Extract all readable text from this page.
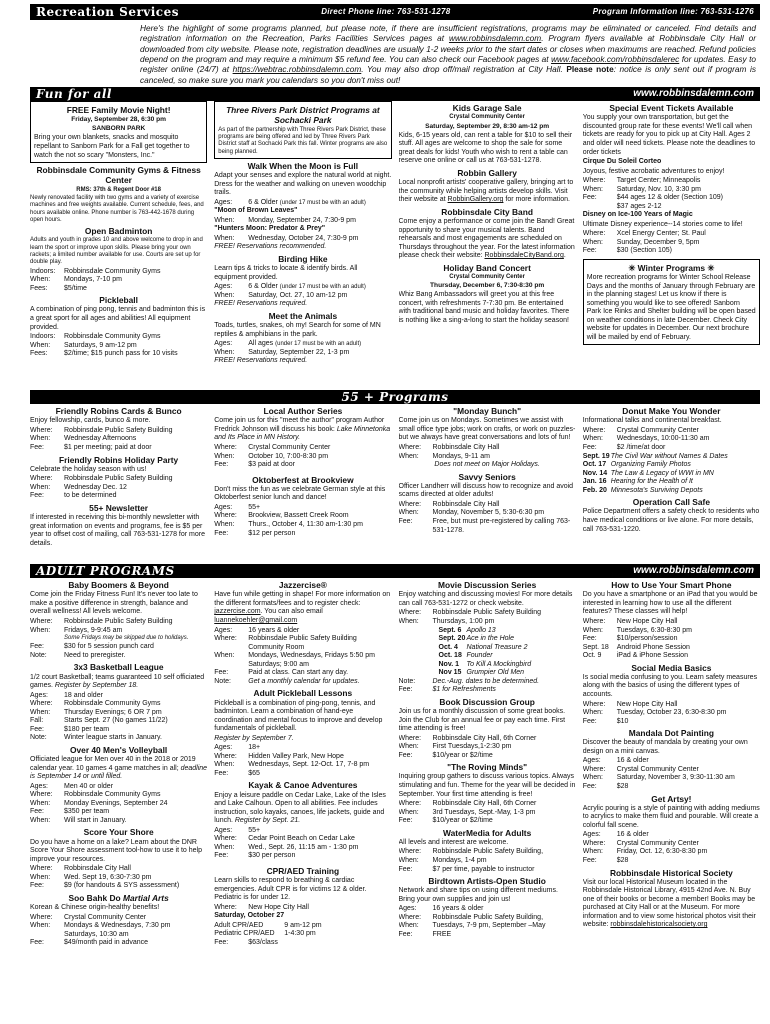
Recreation Services	Direct Phone line: 763-531-1278	Program Information line: 763-531-1276
Here's the highlight of some programs planned, but please note, if there are insufficient registrations, programs may be eliminated or canceled. Find details and registration information on the Recreation, Parks Facilities Services pages at www.robbinsdalemn.com. Program flyers available at Robbinsdale City Hall or downloaded from city website. Please note, registration deadlines are usually 1-2 weeks prior to the start dates or closes when maximums are reached. Refund policies depend on the program and may require a minimum $5 refund fee. You can also check our Facebook pages at www.facebook.com/robbinsdalerec for updates. Easy to register online (24/7) at https://webtrac.robbinsdalemn.com. You may also drop off/mail registration at City Hall. Please note: notice is only sent out if program is canceled, so make sure you mark you calendars so you don't miss out!
Fun for all	www.robbinsdalemn.com
FREE Family Movie Night!
Friday, September 28, 6:30 pm
SANBORN PARK

Bring your own blankets, snacks and mosquito repellant to Sanborn Park for a Fall get together to watch the not so scary "Monsters, Inc."

Robbinsdale Community Gyms & Fitness Center
RMS: 37th & Regent Door #18

Newly renovated facility with two gyms and a variety of exercise machines and free weights available. Current schedule, fees, and hours available online. Phone number is 763-442-1678 during open hours.

Open Badminton

Adults and youth in grades 10 and above welcome to drop in and learn the sport or improve upon skills. Please bring your own rackets; a limited number available for use. Courts are set up for double play.

Indoors:	Robbinsdale Community Gyms
When:	Mondays, 7-10 pm
Fees:	$5/time
Pickleball

A combination of ping pong, tennis and badminton this is a great sport for all ages and abilities! All equipment provided.

Indoors:	Robbinsdale Community Gyms
When:	Saturdays, 9 am-12 pm
Fees:	$2/time; $15 punch pass for 10 visits
Three Rivers Park District Programs at Sochacki Park

As part of the partnership with Three Rivers Park District, these programs are being offered and led by Three Rivers Park District staff at Sochacki Park this fall. Winter programs are also being planned.

Walk When the Moon is Full

Adapt your senses and explore the natural world at night. Dress for the weather and walking on uneven woodchip trails.

Ages:	6 & Older (under 17 must be with an adult)

"Moon of Brown Leaves"

When:	Monday, September 24, 7:30-9 pm

"Hunters Moon: Predator & Prey"

When:	Wednesday, October 24, 7:30-9 pm

FREE! Reservations recommended.

Birding Hike

Learn tips & tricks to locate & identify birds. All equipment provided.

Ages:	6 & Older (under 17 must be with an adult)
When:	Saturday, Oct. 27, 10 am-12 pm

FREE! Reservations required.

Meet the Animals

Toads, turtles, snakes, oh my! Search for some of MN reptiles & amphibians in the park.

Ages:	All ages (under 17 must be with an adult)
When:	Saturday, September 22, 1-3 pm

FREE! Reservations required.

Kids Garage Sale
Crystal Community Center
Saturday, September 29, 8:30 am-12 pm

Kids, 6-15 years old, can rent a table for $10 to sell their stuff. All ages are welcome to shop the sale for some great deals for kids! Youth who wish to rent a table can reserve one online or call us at 763-531-1278.

Robbin Gallery

Local nonprofit artists' cooperative gallery, bringing art to the community while helping artists develop skills. Visit their website at RobbinGallery.org for more information.

Robbinsdale City Band

Come enjoy a performance or come join the Band! Great opportunity to share your musical talents. Band rehearsals and most engagements are scheduled on Thursdays throughout the year. For the latest information please check their website: RobbinsdaleCityBand.org.

Holiday Band Concert
Crystal Community Center
Thursday, December 6, 7:30-8:30 pm

Whiz Bang Ambassadors will greet you at this free concert, with refreshments 7-7:30 pm. Be entertained with traditional band music and holiday favorites. There is nothing like a sing-a-long to start the holiday season!

Special Event Tickets Available

You supply your own transportation, but get the discounted group rate for these events! We'll call when tickets are ready for you to pick up at City Hall. Ages 2 and older will need tickets. Please note the deadlines to order tickets

Cirque Du Soleil Corteo

Joyous, festive acrobatic adventures to enjoy!

Where:	Target Center; Minneapolis
When:	Saturday, Nov. 10, 3:30 pm
Fee:	$44 ages 12 & older (Section 109)
$37 ages 2-12

Disney on Ice-100 Years of Magic

Ultimate Disney experience--14 stories come to life!

Where:	Xcel Energy Center; St. Paul
When:	Sunday, December 9, 5pm
Fee:	$30 (Section 105)
✳ Winter Programs ✳

More recreation programs for Winter School Release Days and the months of January through February are in the planning stages! Let us know if there is something you would like to see offered! Sanborn Park Ice Rinks and Shelter building will be open based on weather conditions in late December. Check City website for updates in December. Our next brochure will be mailed by end of February.

55 + Programs
Friendly Robins Cards & Bunco

Enjoy fellowship, cards, bunco & more.

Where:	Robbinsdale Public Safety Building
When:	Wednesday Afternoons
Fee:	$1 per meeting; paid at door
Friendly Robins Holiday Party

Celebrate the holiday season with us!

Where:	Robbinsdale Public Safety Building
When:	Wednesday Dec. 12
Fee:	to be determined
55+ Newsletter

If interested in receiving this bi-monthly newsletter with great information on events and programs, fee is $5 per year to offset cost of mailing, call 763-531-1278 for more details.

Local Author Series

Come join us for this "meet the author" program Author Fredrick Johnson will discuss his book: Lake Minnetonka and Its Place in MN History.

Where:	Crystal Community Center
When:	October 10, 7:00-8:30 pm
Fee:	$3 paid at door
Oktoberfest at Brookview

Don't miss the fun as we celebrate German style at this Oktoberfest senior lunch and dance!

Ages:	55+
Where:	Brookview, Bassett Creek Room
When:	Thurs., October 4, 11:30 am-1:30 pm
Fee:	$12 per person
"Monday Bunch"

Come join us on Mondays. Sometimes we assist with small office type jobs; work on crafts, or work on puzzles-but we always have great conversations and lots of fun!

Where:	Robbinsdale City Hall
When:	Mondays, 9-11 am

Does not meet on Major Holidays.

Savvy Seniors

Officer Landherr will discuss how to recognize and avoid scams directed at older adults!

Where:	Robbinsdale City Hall
When:	Monday, November 5, 5:30-6:30 pm
Fee:	Free, but must pre-registered by calling 763-531-1278.
Donut Make You Wonder

Informational talks and continental breakfast.

Where:	Crystal Community Center
When:	Wednesdays, 10:00-11:30 am
Fee:	$2 /time/at door
Sept. 19 The Civil War without Names & Dates
Oct. 17 Organizing Family Photos
Nov. 14 The Law & Legacy of WWI in MN
Jan. 16 Hearing for the Health of It
Feb. 20 Minnesota's Surviving Depots
Operation Call Safe

Police Department offers a safety check to residents who have medical conditions or live alone. For more details, call 763-531-1220.

ADULT PROGRAMS	www.robbinsdalemn.com
Baby Boomers & Beyond

Come join the Friday Fitness Fun! It's never too late to make a positive difference in strength, balance and overall wellness! All levels welcome.

Where:	Robbinsdale Public Safety Building
When:	Fridays, 9-9:45 am

Some Fridays may be skipped due to holidays.

Fee:	$30 for 5 session punch card
Note:	Need to preregister.
3x3 Basketball League

1/2 court Basketball; teams guaranteed 10 self officiated games. Register by September 18.

Ages:	18 and older
Where:	Robbinsdale Community Gyms
When:	Thursday Evenings; 6 OR 7 pm
Fall:	Starts Sept. 27 (No games 11/22)
Fee:	$180 per team
Note:	Winter league starts in January.
Over 40 Men's Volleyball

Officiated league for Men over 40 in the 2018 or 2019 calendar year. 10 games 4 game matches in all; deadline is September 14 or until filled.

Ages:	Men 40 or older
Where:	Robbinsdale Community Gyms
When:	Monday Evenings, September 24
Fee:	$350 per team
When:	Will start in January.
Score Your Shore

Do you have a home on a lake? Learn about the DNR Score Your Shore assessment tool-how to use it to help improve your resources.

Where:	Robbinsdale City Hall
When:	Wed. Sept 19, 6:30-7:30 pm
Fee:	$9 (for handouts & SYS assessment)
Soo Bahk Do Martial Arts

Korean & Chinese origin-healthy benefits!

Where:	Crystal Community Center
When:	Mondays & Wednesdays, 7:30 pm
Saturdays, 10:30 am
Fee:	$49/month paid in advance
Jazzercise®

Have fun while getting in shape! For more information on the different formats/fees and to register check: jazzercise.com. You can also email luannekoehler@gmail.com

Ages:	16 years & older
Where:	Robbinsdale Public Safety Building
Community Room
When:	Mondays, Wednesdays, Fridays 5:50 pm
Saturdays; 9:00 am
Fee:	Paid at class. Can start any day.
Note:	Get a monthly calendar for updates.
Adult Pickleball Lessons

Pickleball is a combination of ping-pong, tennis, and badminton. Learn a combination of hand-eye coordination and mental focus to improve and develop fundamentals of pickleball.

Register by September 7.

Ages:	18+
Where:	Hidden Valley Park, New Hope
When:	Wednesdays, Sept. 12-Oct. 17, 7-8 pm
Fee:	$65
Kayak & Canoe Adventures

Enjoy a leisure paddle on Cedar Lake, Lake of the Isles and Lake Calhoun. Open to all abilities. Fee includes instruction, solo kayaks, canoes, life jackets, guide and lunch. Register by Sept. 21.

Ages:	55+
Where:	Cedar Point Beach on Cedar Lake
When:	Wed., Sept. 26, 11:15 am - 1:30 pm
Fee:	$30 per person
CPR/AED Training

Learn skills to respond to breathing & cardiac emergencies. Adult CPR is for victims 12 & older. Pediatric is for under 12.

Where:	New Hope City Hall

Saturday, October 27

Adult CPR/AED	9 am-12 pm
Pediatric CPR/AED	1-4:30 pm
Fee:	$63/class
Movie Discussion Series

Enjoy watching and discussing movies! For more details can call 763-531-1272 or check website.

Where:	Robbinsdale Public Safety Building
When:	Thursdays, 1:00 pm
Sept. 6 Apollo 13
Sept. 20 Ace in the Hole
Oct. 4	National Treasure 2
Oct. 18 Founder
Nov. 1	To Kill A Mockingbird
Nov 15 Grumpier Old Men
Note:	Dec.-Aug. dates to be determined.
Fee:	$1 for Refreshments
Book Discussion Group

Join us for a monthly discussion of some great books. Join the Club for an annual fee or pay each time. First time attending is free!

Where:	Robbinsdale City Hall, 6th Corner
When:	First Tuesdays,1-2:30 pm
Fee:	$10/year or $2/time
"The Roving Minds"

Inquiring group gathers to discuss various topics. Always stimulating and fun. Theme for the year will be decided in September. Your first time attending is free!

Where:	Robbinsdale City Hall, 6th Corner
When:	3rd Tuesdays, Sept.-May, 1-3 pm
Fee:	$10/year or $2/time
WaterMedia for Adults

All levels and interest are welcome.

Where:	Robbinsdale Public Safety Building,
When:	Mondays, 1-4 pm
Fee:	$7 per time, payable to instructor
Birdtown Artists-Open Studio

Network and share tips on using different mediums. Bring your own supplies and join us!

Ages:	16 years & older
Where:	Robbinsdale Public Safety Building,
When:	Tuesdays, 7-9 pm, September –May
Fee:	FREE
How to Use Your Smart Phone

Do you have a smartphone or an iPad that you would be interested in learning how to use all the different features? These classes will help!

Where:	New Hope City Hall
When:	Tuesdays, 6:30-8:30 pm
Fee:	$10/person/session
Sept. 18	Android Phone Session
Oct. 9	iPad & iPhone Session
Social Media Basics

Is social media confusing to you. Learn safety measures along with the basics of using the different types of accounts.

Where:	New Hope City Hall
When:	Tuesday, October 23, 6:30-8:30 pm
Fee:	$10
Mandala Dot Painting

Discover the beauty of mandala by creating your own design on a mini canvas.

Ages:	16 & older
Where:	Crystal Community Center
When:	Saturday, November 3, 9:30-11:30 am
Fee:	$28
Get Artsy!

Acrylic pouring is a style of painting with adding mediums to acrylics to make them fluid and pourable. Will create a colorful fall scene.

Ages:	16 & older
Where:	Crystal Community Center
When:	Friday, Oct. 12, 6:30-8:30 pm
Fee:	$28
Robbinsdale Historical Society

Visit our local Historical Museum located in the Robbinsdale Historical Library, 4915 42nd Ave. N. Buy one of their books or become a member! Books may be purchased at City Hall or at the Museum. For more information and to view some historical photos visit their website: robbinsdalehistoricalsociety.org
